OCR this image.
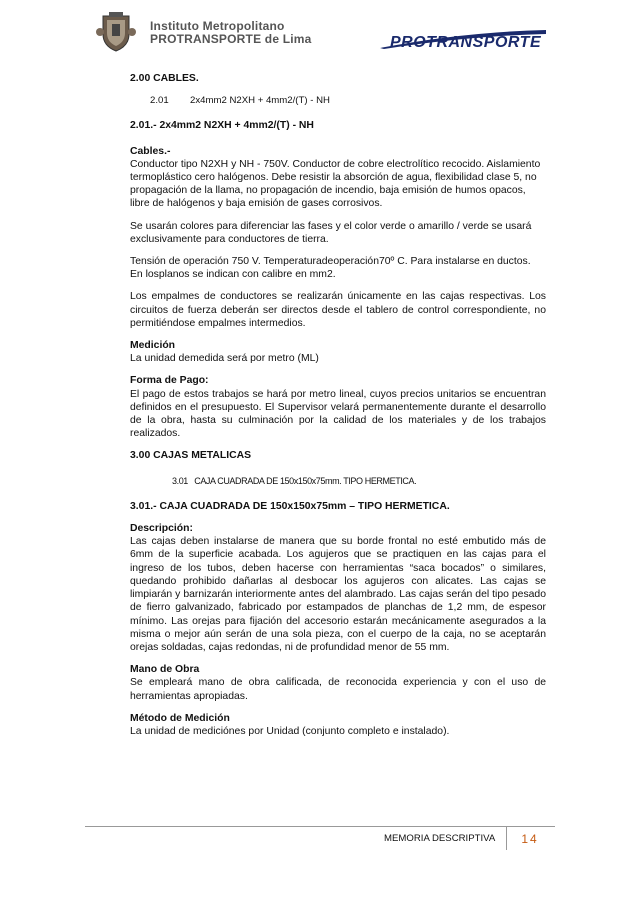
Instituto Metropolitano
PROTRANSPORTE de Lima	PROTRANSPORTE
2.00 CABLES.
2.01        2x4mm2 N2XH + 4mm2/(T) - NH
2.01.- 2x4mm2 N2XH + 4mm2/(T) - NH
Cables.-
Conductor tipo N2XH y NH - 750V. Conductor de cobre electrolítico recocido. Aislamiento termoplástico cero halógenos. Debe resistir la absorción de agua, flexibilidad clase 5, no propagación de la llama, no propagación de incendio, baja emisión de humos opacos, libre de halógenos y baja emisión de gases corrosivos.
Se usarán colores para diferenciar las fases y el color verde o amarillo / verde se usará exclusivamente para conductores de tierra.
Tensión de operación 750 V. Temperaturadeoperación70º C. Para instalarse en ductos. En losplanos se indican con calibre en mm2.
Los empalmes de conductores se realizarán únicamente en las cajas respectivas. Los circuitos de fuerza deberán ser directos desde el tablero de control correspondiente, no permitiéndose empalmes intermedios.
Medición
La unidad demedida será por metro (ML)
Forma de Pago:
El pago de estos trabajos se hará por metro lineal, cuyos precios unitarios se encuentran definidos en el presupuesto. El Supervisor velará permanentemente durante el desarrollo de la obra, hasta su culminación por la calidad de los materiales y de los trabajos realizados.
3.00 CAJAS METALICAS
3.01   CAJA CUADRADA DE 150x150x75mm. TIPO HERMETICA.
3.01.- CAJA CUADRADA DE 150x150x75mm – TIPO HERMETICA.
Descripción:
Las cajas deben instalarse de manera que su borde frontal no esté embutido más de 6mm de la superficie acabada. Los agujeros que se practiquen en las cajas para el ingreso de los tubos, deben hacerse con herramientas “saca bocados” o similares, quedando prohibido dañarlas al desbocar los agujeros con alicates. Las cajas se limpiarán y barnizarán interiormente antes del alambrado. Las cajas serán del tipo pesado de fierro galvanizado, fabricado por estampados de planchas de 1,2 mm, de espesor mínimo. Las orejas para fijación del accesorio estarán mecánicamente asegurados a la misma o mejor aún serán de una sola pieza, con el cuerpo de la caja, no se aceptarán orejas soldadas, cajas redondas, ni de profundidad menor de 55 mm.
Mano de Obra
Se empleará mano de obra calificada, de reconocida experiencia y con el uso de herramientas apropiadas.
Método de Medición
La unidad de mediciónes por Unidad (conjunto completo e instalado).
MEMORIA DESCRIPTIVA	14
